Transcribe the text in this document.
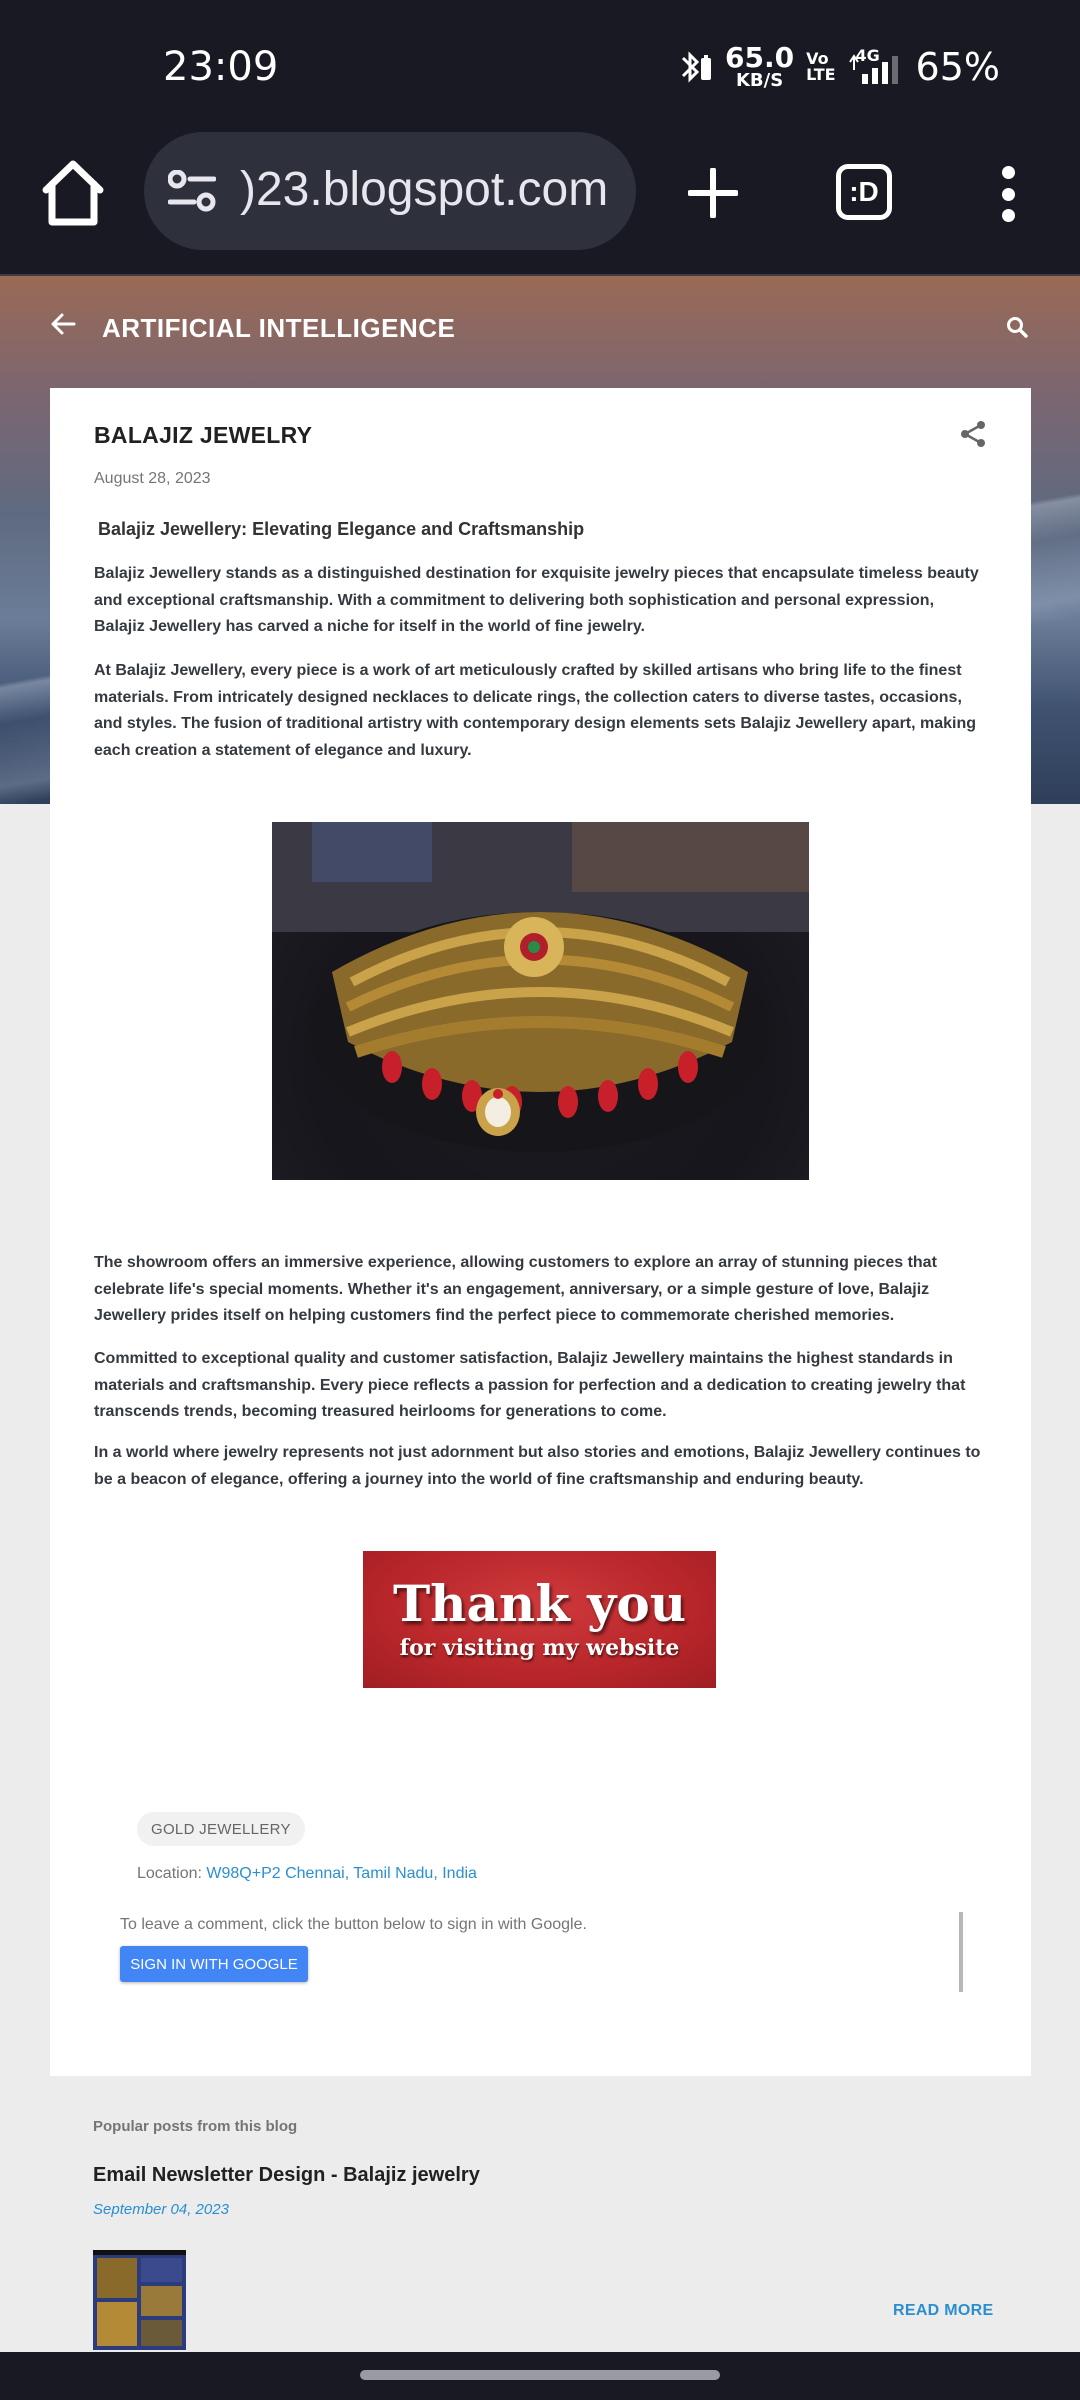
23:09	65.0
KB/S
Vo
LTE
4G 65%
)23.blogspot.com	:D
ARTIFICIAL INTELLIGENCE
BALAJIZ JEWELRY
August 28, 2023
Balajiz Jewellery: Elevating Elegance and Craftsmanship
Balajiz Jewellery stands as a distinguished destination for exquisite jewelry pieces that encapsulate timeless beauty and exceptional craftsmanship. With a commitment to delivering both sophistication and personal expression, Balajiz Jewellery has carved a niche for itself in the world of fine jewelry.
At Balajiz Jewellery, every piece is a work of art meticulously crafted by skilled artisans who bring life to the finest materials. From intricately designed necklaces to delicate rings, the collection caters to diverse tastes, occasions, and styles. The fusion of traditional artistry with contemporary design elements sets Balajiz Jewellery apart, making each creation a statement of elegance and luxury.
The showroom offers an immersive experience, allowing customers to explore an array of stunning pieces that celebrate life's special moments. Whether it's an engagement, anniversary, or a simple gesture of love, Balajiz Jewellery prides itself on helping customers find the perfect piece to commemorate cherished memories.
Committed to exceptional quality and customer satisfaction, Balajiz Jewellery maintains the highest standards in materials and craftsmanship. Every piece reflects a passion for perfection and a dedication to creating jewelry that transcends trends, becoming treasured heirlooms for generations to come.
In a world where jewelry represents not just adornment but also stories and emotions, Balajiz Jewellery continues to be a beacon of elegance, offering a journey into the world of fine craftsmanship and enduring beauty.
Thank you
for visiting my website
GOLD JEWELLERY
Location: W98Q+P2 Chennai, Tamil Nadu, India
To leave a comment, click the button below to sign in with Google.
SIGN IN WITH GOOGLE
Popular posts from this blog
Email Newsletter Design - Balajiz jewelry
September 04, 2023
READ MORE
